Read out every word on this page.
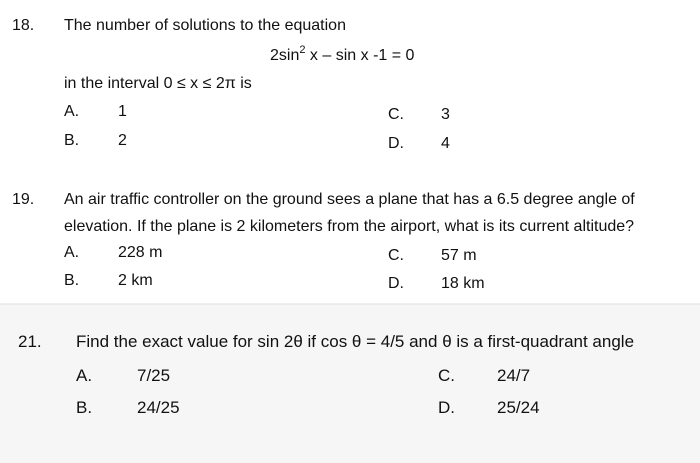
18. The number of solutions to the equation
$2\sin^2$ x – sin x -1 = 0
in the interval 0 ≤ x ≤ 2π is
A. 1
B. 2
C. 3
D. 4
19. An air traffic controller on the ground sees a plane that has a 6.5 degree angle of
elevation. If the plane is 2 kilometers from the airport, what is its current altitude?
A. 228 m
B. 2 km
C. 57 m
D. 18 km
21. Find the exact value for sin 2θ if cos θ = 4/5 and θ is a first-quadrant angle
A.	7/25
B.	24/25
C. 24/7
D. 25/24
